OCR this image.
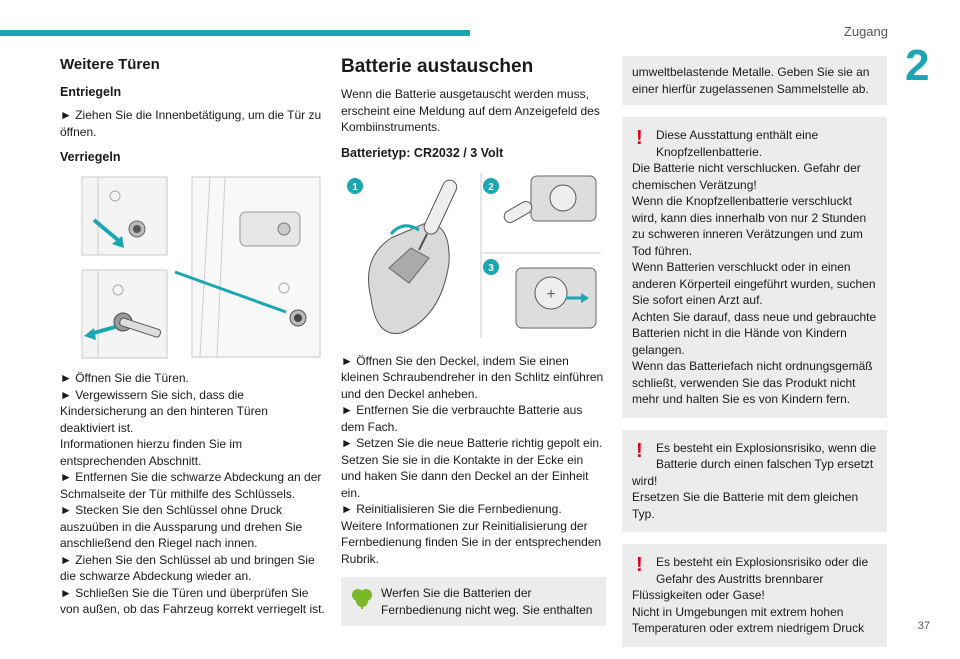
Zugang
2
Weitere Türen
Entriegeln

► Ziehen Sie die Innenbetätigung, um die Tür zu öffnen.

Verriegeln
► Öffnen Sie die Türen.
► Vergewissern Sie sich, dass die Kindersicherung an den hinteren Türen deaktiviert ist.
Informationen hierzu finden Sie im entsprechenden Abschnitt.
► Entfernen Sie die schwarze Abdeckung an der Schmalseite der Tür mithilfe des Schlüssels.
► Stecken Sie den Schlüssel ohne Druck auszuüben in die Aussparung und drehen Sie anschließend den Riegel nach innen.
► Ziehen Sie den Schlüssel ab und bringen Sie die schwarze Abdeckung wieder an.
► Schließen Sie die Türen und überprüfen Sie von außen, ob das Fahrzeug korrekt verriegelt ist.
Batterie austauschen

Wenn die Batterie ausgetauscht werden muss, erscheint eine Meldung auf dem Anzeigefeld des Kombiinstruments.

Batterietyp: CR2032 / 3 Volt
1	2
3
+
► Öffnen Sie den Deckel, indem Sie einen kleinen Schraubendreher in den Schlitz einführen und den Deckel anheben.
► Entfernen Sie die verbrauchte Batterie aus dem Fach.
► Setzen Sie die neue Batterie richtig gepolt ein. Setzen Sie sie in die Kontakte in der Ecke ein und haken Sie dann den Deckel an der Einheit ein.
► Reinitialisieren Sie die Fernbedienung.
Weitere Informationen zur Reinitialisierung der Fernbedienung finden Sie in der entsprechenden Rubrik.
Werfen Sie die Batterien der Fernbedienung nicht weg. Sie enthalten
umweltbelastende Metalle. Geben Sie sie an einer hierfür zugelassenen Sammelstelle ab.
!	Diese Ausstattung enthält eine Knopfzellenbatterie.
Die Batterie nicht verschlucken. Gefahr der chemischen Verätzung!
Wenn die Knopfzellenbatterie verschluckt wird, kann dies innerhalb von nur 2 Stunden zu schweren inneren Verätzungen und zum Tod führen.
Wenn Batterien verschluckt oder in einen anderen Körperteil eingeführt wurden, suchen Sie sofort einen Arzt auf.
Achten Sie darauf, dass neue und gebrauchte Batterien nicht in die Hände von Kindern gelangen.
Wenn das Batteriefach nicht ordnungsgemäß schließt, verwenden Sie das Produkt nicht mehr und halten Sie es von Kindern fern.
!	Es besteht ein Explosionsrisiko, wenn die Batterie durch einen falschen Typ ersetzt
wird!
Ersetzen Sie die Batterie mit dem gleichen Typ.
!	Es besteht ein Explosionsrisiko oder die Gefahr des Austritts brennbarer
Flüssigkeiten oder Gase!
Nicht in Umgebungen mit extrem hohen Temperaturen oder extrem niedrigem Druck	37
